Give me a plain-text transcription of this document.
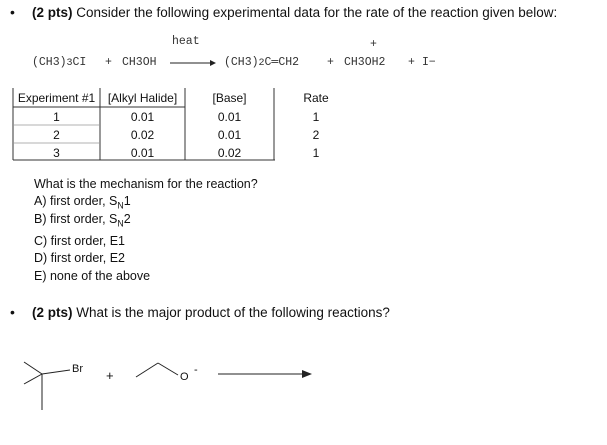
• (2 pts) Consider the following experimental data for the rate of the reaction given below:
heat	+
(CH3)3CI + CH3OH → (CH3)2C═CH2 + CH3OH2 + I−
Experiment #1	[Alkyl Halide]	[Base]	Rate
1	0.01	0.01	1
2	0.02	0.01	2
3	0.01	0.02	1
What is the mechanism for the reaction?
A) first order, $S_N1$
B) first order, $S_N2$
C) first order, E1
D) first order, E2
E) none of the above
• (2 pts) What is the major product of the following reactions?
Br +	O
-
